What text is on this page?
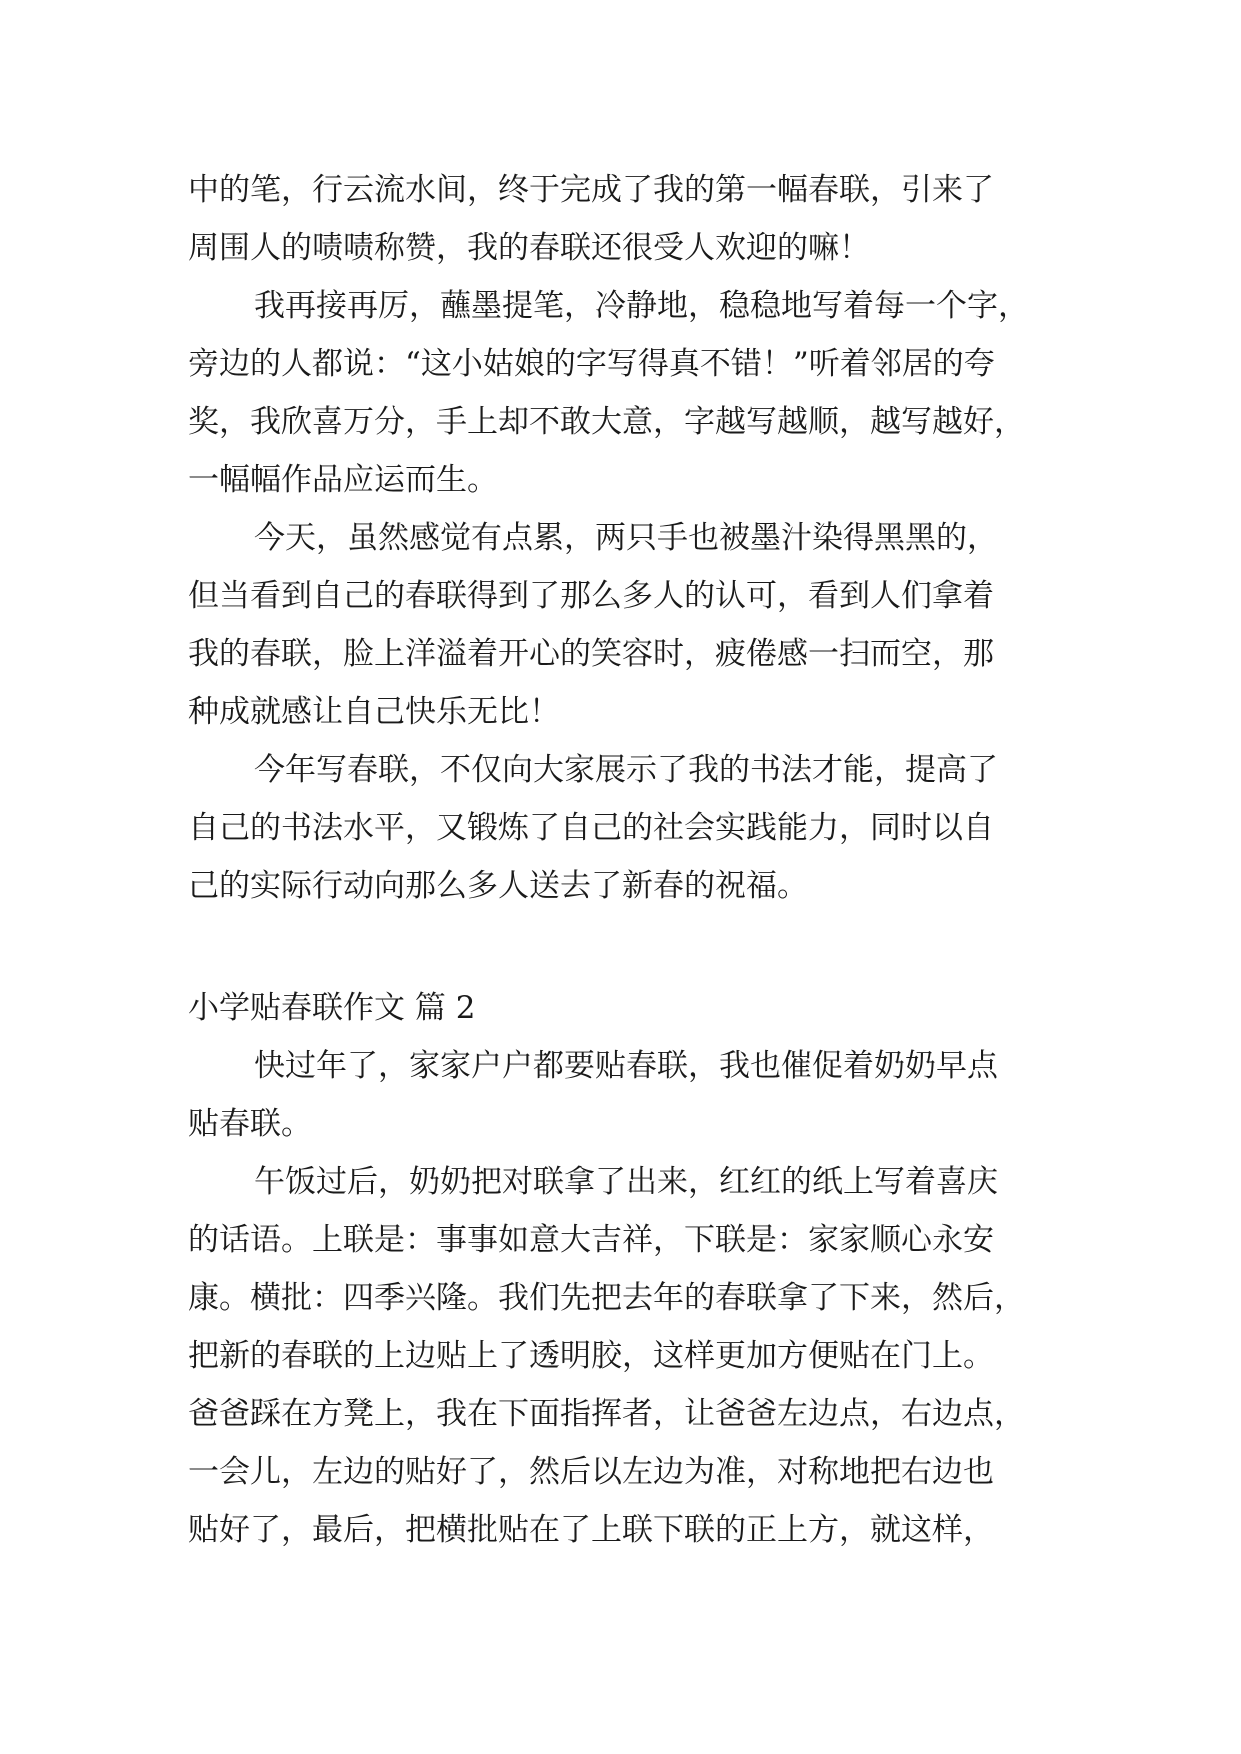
中的笔，行云流水间，终于完成了我的第一幅春联，引来了
周围人的啧啧称赞，我的春联还很受人欢迎的嘛！
我再接再厉，蘸墨提笔，冷静地，稳稳地写着每一个字，
旁边的人都说：“这小姑娘的字写得真不错！”听着邻居的夸
奖，我欣喜万分，手上却不敢大意，字越写越顺，越写越好，
一幅幅作品应运而生。
今天，虽然感觉有点累，两只手也被墨汁染得黑黑的，
但当看到自己的春联得到了那么多人的认可，看到人们拿着
我的春联，脸上洋溢着开心的笑容时，疲倦感一扫而空，那
种成就感让自己快乐无比！
今年写春联，不仅向大家展示了我的书法才能，提高了
自己的书法水平，又锻炼了自己的社会实践能力，同时以自
己的实际行动向那么多人送去了新春的祝福。
小学贴春联作文 篇 2
快过年了，家家户户都要贴春联，我也催促着奶奶早点
贴春联。
午饭过后，奶奶把对联拿了出来，红红的纸上写着喜庆
的话语。上联是：事事如意大吉祥，下联是：家家顺心永安
康。横批：四季兴隆。我们先把去年的春联拿了下来，然后，
把新的春联的上边贴上了透明胶，这样更加方便贴在门上。
爸爸踩在方凳上，我在下面指挥者，让爸爸左边点，右边点，
一会儿，左边的贴好了，然后以左边为准，对称地把右边也
贴好了，最后，把横批贴在了上联下联的正上方，就这样，
